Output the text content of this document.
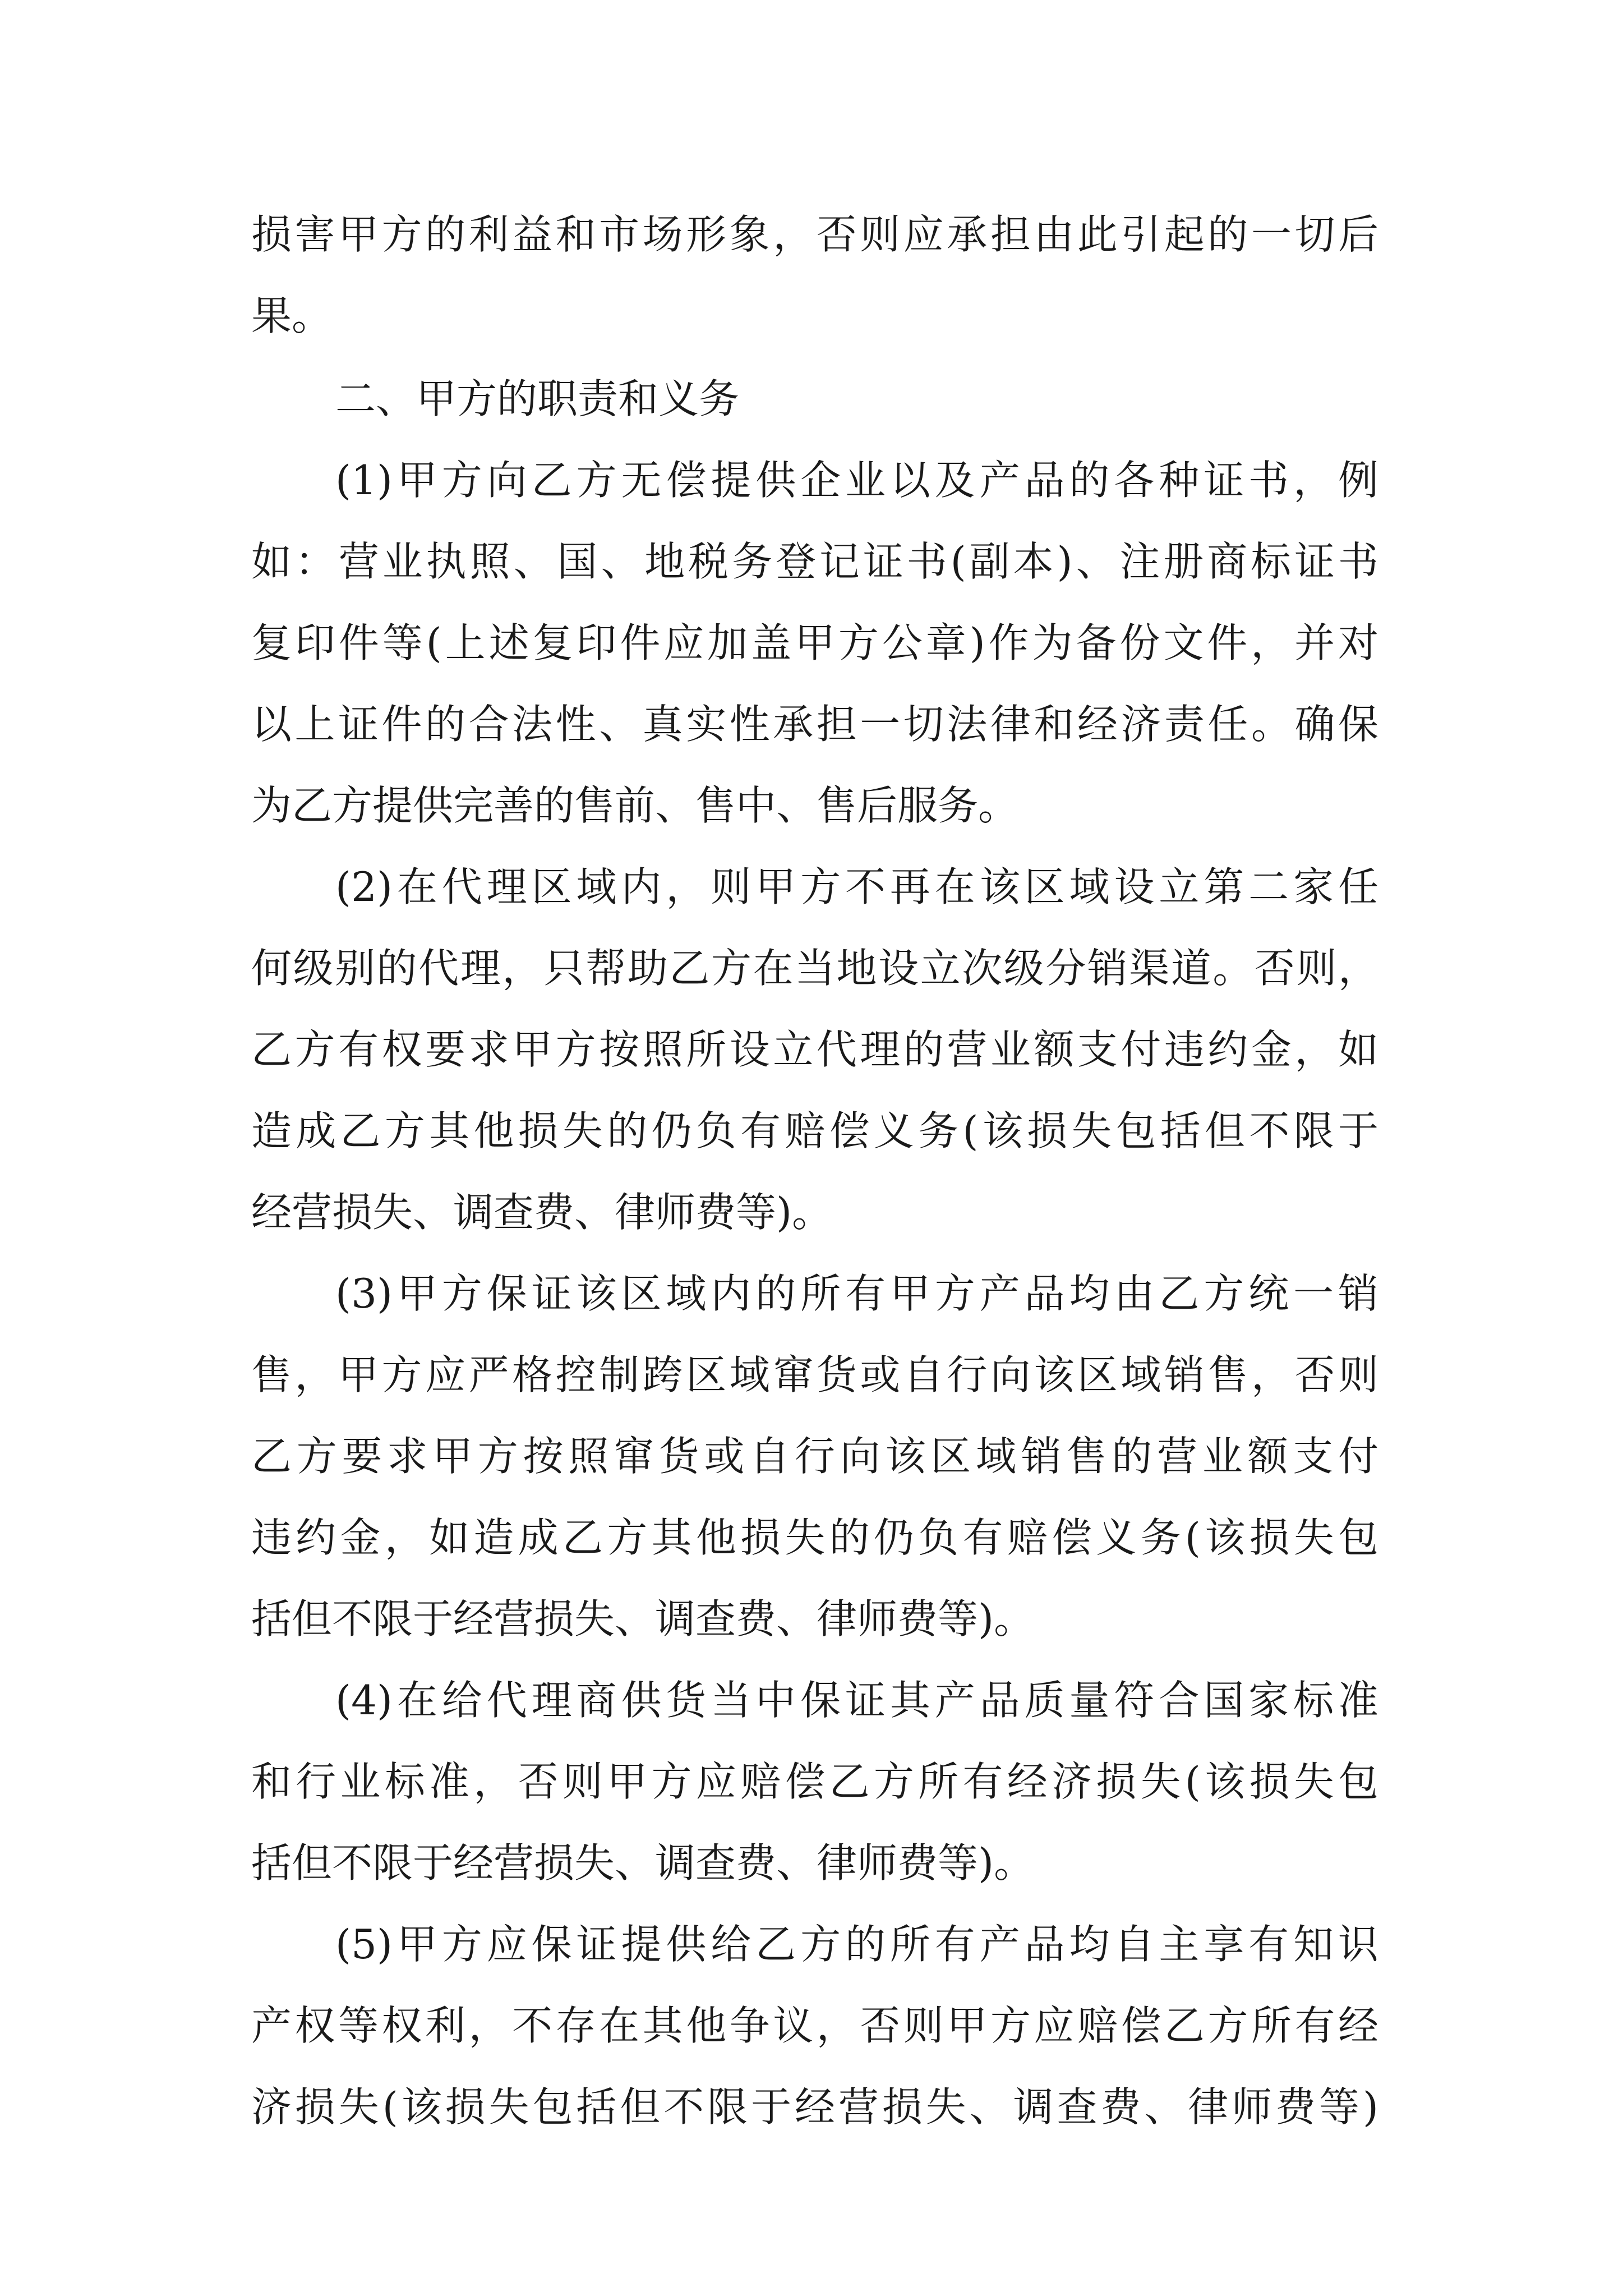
损害甲方的利益和市场形象，否则应承担由此引起的一切后

果。

二、甲方的职责和义务

(1)甲方向乙方无偿提供企业以及产品的各种证书，例

如：营业执照、国、地税务登记证书(副本)、注册商标证书

复印件等(上述复印件应加盖甲方公章)作为备份文件，并对

以上证件的合法性、真实性承担一切法律和经济责任。确保

为乙方提供完善的售前、售中、售后服务。

(2)在代理区域内，则甲方不再在该区域设立第二家任

何级别的代理，只帮助乙方在当地设立次级分销渠道。否则，

乙方有权要求甲方按照所设立代理的营业额支付违约金，如

造成乙方其他损失的仍负有赔偿义务(该损失包括但不限于

经营损失、调查费、律师费等)。

(3)甲方保证该区域内的所有甲方产品均由乙方统一销

售，甲方应严格控制跨区域窜货或自行向该区域销售，否则

乙方要求甲方按照窜货或自行向该区域销售的营业额支付

违约金，如造成乙方其他损失的仍负有赔偿义务(该损失包

括但不限于经营损失、调查费、律师费等)。

(4)在给代理商供货当中保证其产品质量符合国家标准

和行业标准，否则甲方应赔偿乙方所有经济损失(该损失包

括但不限于经营损失、调查费、律师费等)。

(5)甲方应保证提供给乙方的所有产品均自主享有知识

产权等权利，不存在其他争议，否则甲方应赔偿乙方所有经

济损失(该损失包括但不限于经营损失、调查费、律师费等)
